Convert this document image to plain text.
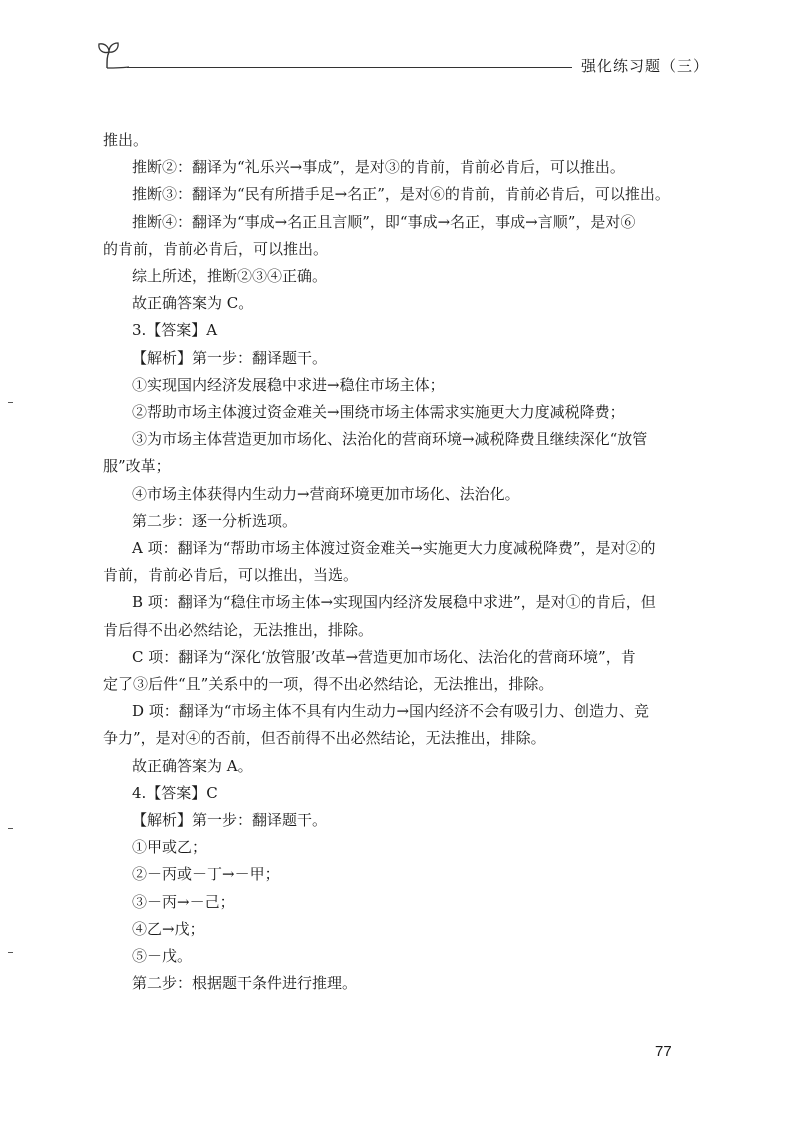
强化练习题（三）
推出。
推断②：翻译为“礼乐兴→事成”，是对③的肯前，肯前必肯后，可以推出。
推断③：翻译为“民有所措手足→名正”，是对⑥的肯前，肯前必肯后，可以推出。
推断④：翻译为“事成→名正且言顺”，即“事成→名正，事成→言顺”，是对⑥
的肯前，肯前必肯后，可以推出。
综上所述，推断②③④正确。
故正确答案为 C。
3.【答案】A
【解析】第一步：翻译题干。
①实现国内经济发展稳中求进→稳住市场主体；
②帮助市场主体渡过资金难关→围绕市场主体需求实施更大力度减税降费；
③为市场主体营造更加市场化、法治化的营商环境→减税降费且继续深化“放管
服”改革；
④市场主体获得内生动力→营商环境更加市场化、法治化。
第二步：逐一分析选项。
A 项：翻译为“帮助市场主体渡过资金难关→实施更大力度减税降费”，是对②的
肯前，肯前必肯后，可以推出，当选。
B 项：翻译为“稳住市场主体→实现国内经济发展稳中求进”，是对①的肯后，但
肯后得不出必然结论，无法推出，排除。
C 项：翻译为“深化‘放管服’改革→营造更加市场化、法治化的营商环境”，肯
定了③后件“且”关系中的一项，得不出必然结论，无法推出，排除。
D 项：翻译为“市场主体不具有内生动力→国内经济不会有吸引力、创造力、竞
争力”，是对④的否前，但否前得不出必然结论，无法推出，排除。
故正确答案为 A。
4.【答案】C
【解析】第一步：翻译题干。
①甲或乙；
②－丙或－丁→－甲；
③－丙→－己；
④乙→戊；
⑤－戊。
第二步：根据题干条件进行推理。
77
